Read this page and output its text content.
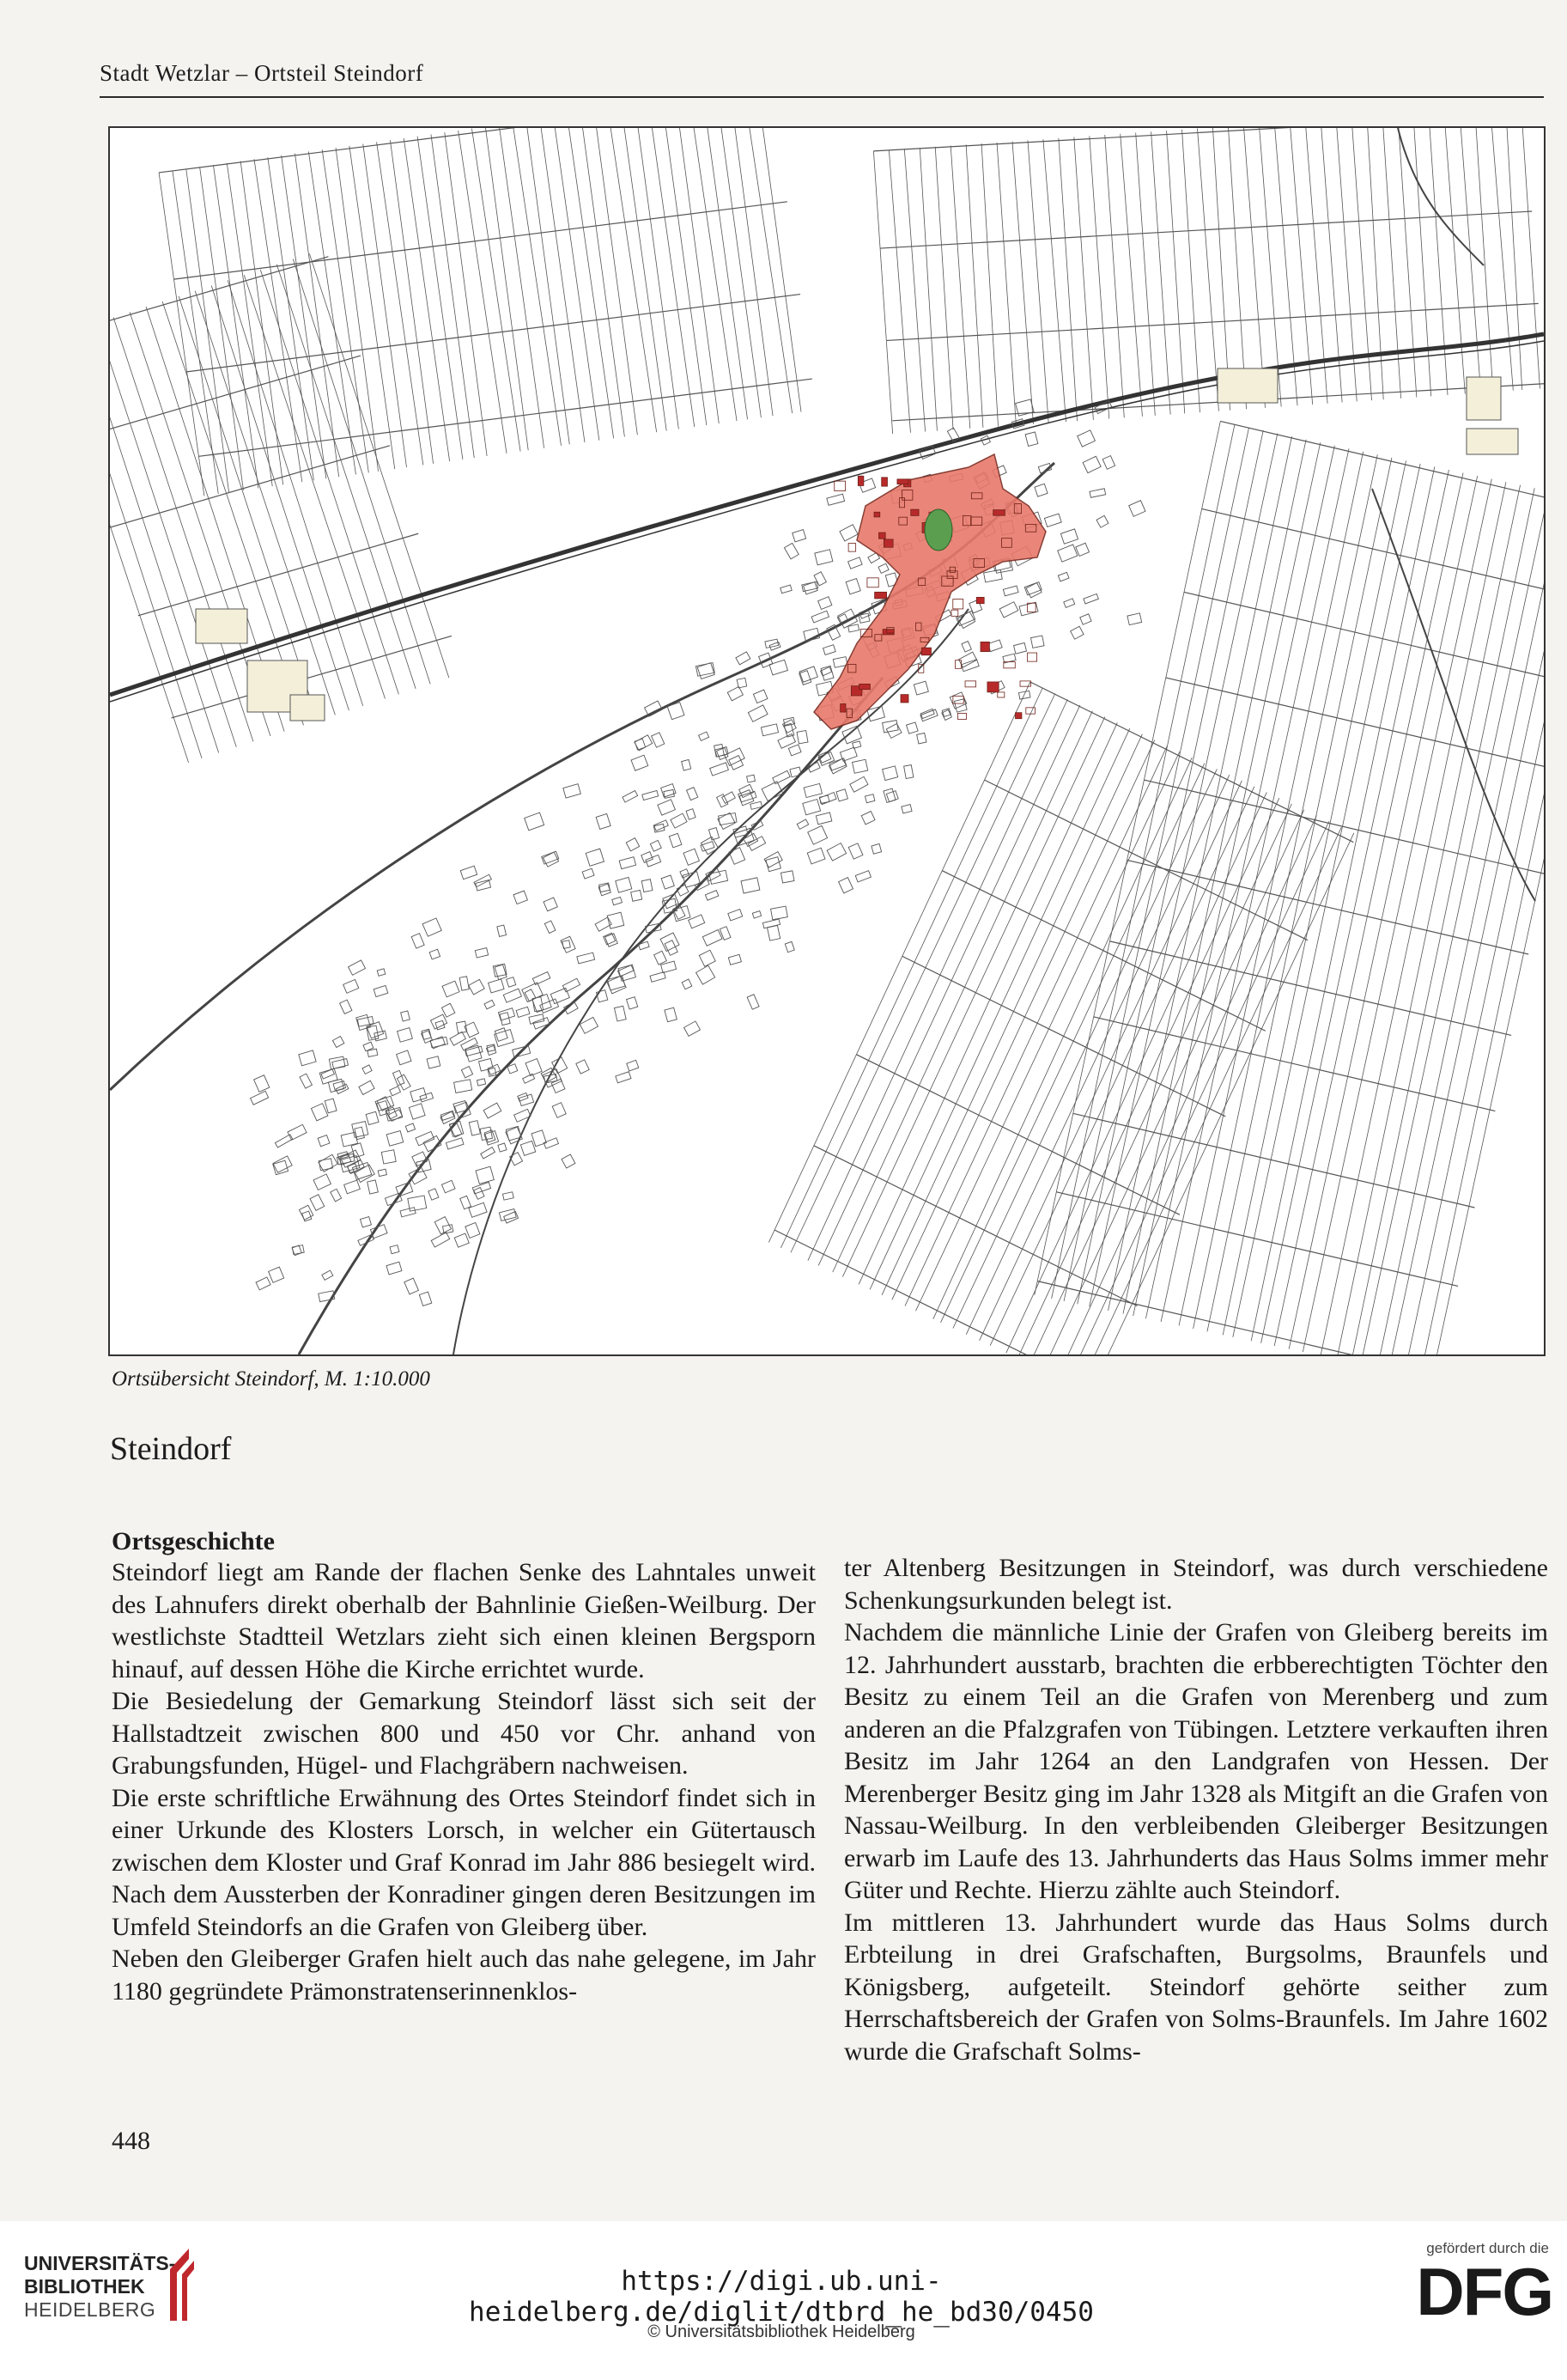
Stadt Wetzlar – Ortsteil Steindorf
Ortsübersicht Steindorf, M. 1:10.000
Steindorf
Ortsgeschichte

Steindorf liegt am Rande der flachen Senke des Lahntales unweit des Lahnufers direkt oberhalb der Bahnlinie Gießen-Weilburg. Der westlichste Stadtteil Wetzlars zieht sich einen kleinen Bergsporn hinauf, auf dessen Höhe die Kirche errichtet wurde.

Die Besiedelung der Gemarkung Steindorf lässt sich seit der Hallstadtzeit zwischen 800 und 450 vor Chr. anhand von Grabungsfunden, Hügel- und Flachgräbern nachweisen.

Die erste schriftliche Erwähnung des Ortes Steindorf findet sich in einer Urkunde des Klosters Lorsch, in welcher ein Gütertausch zwischen dem Kloster und Graf Konrad im Jahr 886 besiegelt wird. Nach dem Aussterben der Konradiner gingen deren Besitzungen im Umfeld Steindorfs an die Grafen von Gleiberg über.

Neben den Gleiberger Grafen hielt auch das nahe gelegene, im Jahr 1180 gegründete Prämonstratenserinnenklos-

ter Altenberg Besitzungen in Steindorf, was durch verschiedene Schenkungsurkunden belegt ist.

Nachdem die männliche Linie der Grafen von Gleiberg bereits im 12. Jahrhundert ausstarb, brachten die erbberechtigten Töchter den Besitz zu einem Teil an die Grafen von Merenberg und zum anderen an die Pfalzgrafen von Tübingen. Letztere verkauften ihren Besitz im Jahr 1264 an den Landgrafen von Hessen. Der Merenberger Besitz ging im Jahr 1328 als Mitgift an die Grafen von Nassau-Weilburg. In den verbleibenden Gleiberger Besitzungen erwarb im Laufe des 13. Jahrhunderts das Haus Solms immer mehr Güter und Rechte. Hierzu zählte auch Steindorf.

Im mittleren 13. Jahrhundert wurde das Haus Solms durch Erbteilung in drei Grafschaften, Burgsolms, Braunfels und Königsberg, aufgeteilt. Steindorf gehörte seither zum Herrschaftsbereich der Grafen von Solms-Braunfels. Im Jahre 1602 wurde die Grafschaft Solms-

448
UNIVERSITÄTS-
BIBLIOTHEK
HEIDELBERG
https://digi.ub.uni-heidelberg.de/diglit/dtbrd_he_bd30/0450
© Universitätsbibliothek Heidelberg
gefördert durch die
DFG
